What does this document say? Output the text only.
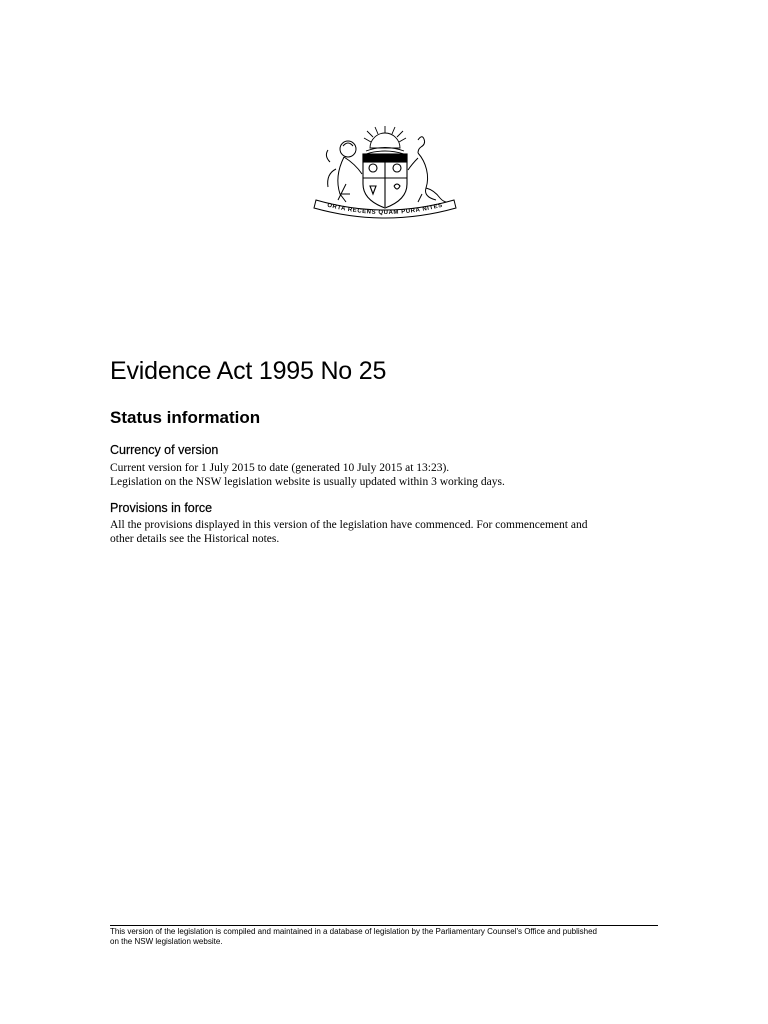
ORTA RECENS QUAM PURA NITES
Evidence Act 1995 No 25
Status information
Currency of version

Current version for 1 July 2015 to date (generated 10 July 2015 at 13:23).
Legislation on the NSW legislation website is usually updated within 3 working days.

Provisions in force

All the provisions displayed in this version of the legislation have commenced. For commencement and
other details see the Historical notes.

This version of the legislation is compiled and maintained in a database of legislation by the Parliamentary Counsel's Office and published
on the NSW legislation website.
